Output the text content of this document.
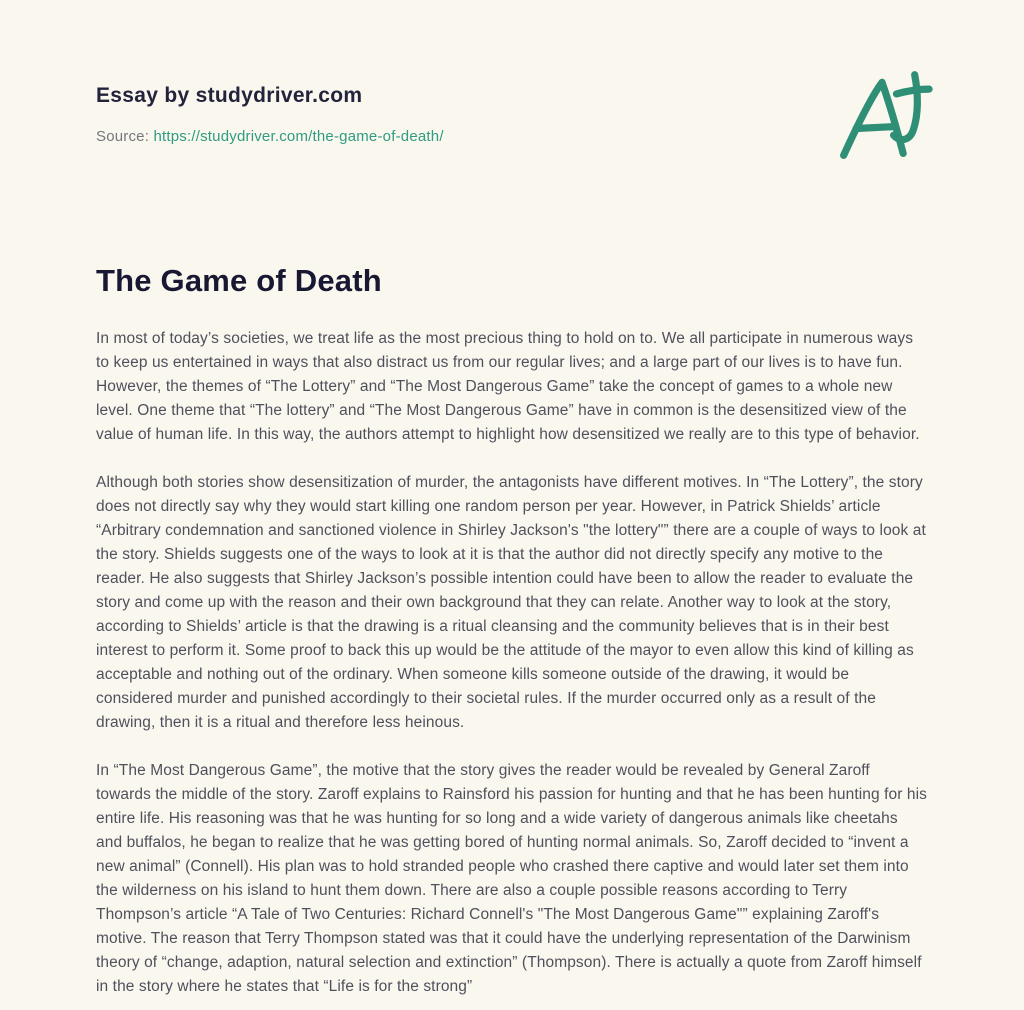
Essay by studydriver.com
Source: https://studydriver.com/the-game-of-death/
The Game of Death

In most of today’s societies, we treat life as the most precious thing to hold on to. We all participate in numerous ways to keep us entertained in ways that also distract us from our regular lives; and a large part of our lives is to have fun. However, the themes of “The Lottery” and “The Most Dangerous Game” take the concept of games to a whole new level. One theme that “The lottery” and “The Most Dangerous Game” have in common is the desensitized view of the value of human life. In this way, the authors attempt to highlight how desensitized we really are to this type of behavior.

Although both stories show desensitization of murder, the antagonists have different motives. In “The Lottery”, the story does not directly say why they would start killing one random person per year. However, in Patrick Shields’ article “Arbitrary condemnation and sanctioned violence in Shirley Jackson's "the lottery"” there are a couple of ways to look at the story. Shields suggests one of the ways to look at it is that the author did not directly specify any motive to the reader. He also suggests that Shirley Jackson’s possible intention could have been to allow the reader to evaluate the story and come up with the reason and their own background that they can relate. Another way to look at the story, according to Shields’ article is that the drawing is a ritual cleansing and the community believes that is in their best interest to perform it. Some proof to back this up would be the attitude of the mayor to even allow this kind of killing as acceptable and nothing out of the ordinary. When someone kills someone outside of the drawing, it would be considered murder and punished accordingly to their societal rules. If the murder occurred only as a result of the drawing, then it is a ritual and therefore less heinous.

In “The Most Dangerous Game”, the motive that the story gives the reader would be revealed by General Zaroff towards the middle of the story. Zaroff explains to Rainsford his passion for hunting and that he has been hunting for his entire life. His reasoning was that he was hunting for so long and a wide variety of dangerous animals like cheetahs and buffalos, he began to realize that he was getting bored of hunting normal animals. So, Zaroff decided to “invent a new animal” (Connell). His plan was to hold stranded people who crashed there captive and would later set them into the wilderness on his island to hunt them down. There are also a couple possible reasons according to Terry Thompson’s article “A Tale of Two Centuries: Richard Connell's "The Most Dangerous Game"” explaining Zaroff's motive. The reason that Terry Thompson stated was that it could have the underlying representation of the Darwinism theory of “change, adaption, natural selection and extinction” (Thompson). There is actually a quote from Zaroff himself in the story where he states that “Life is for the strong”
